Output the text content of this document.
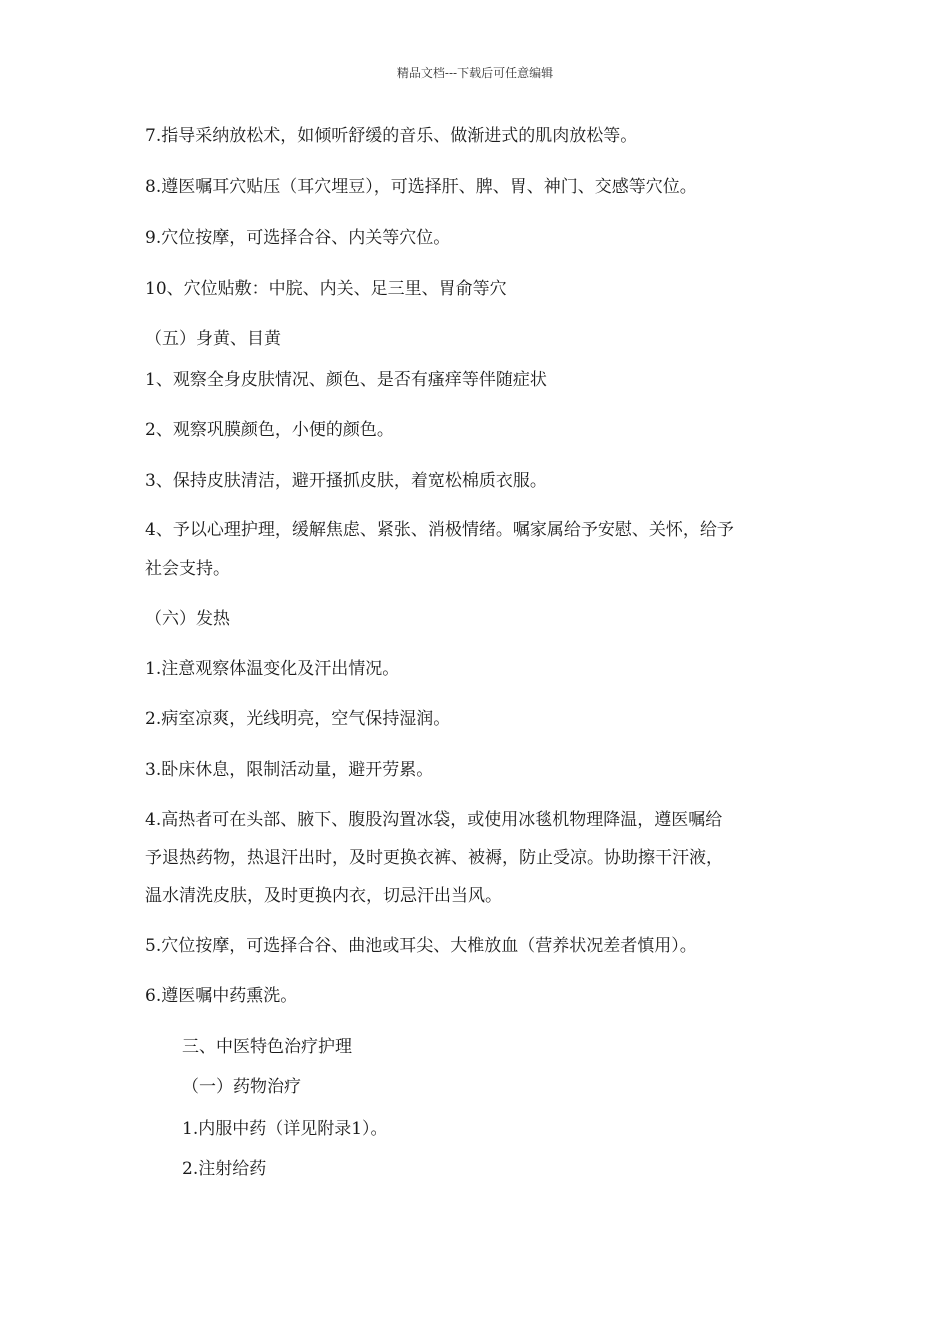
精品文档---下载后可任意编辑

7.指导采纳放松术，如倾听舒缓的音乐、做渐进式的肌肉放松等。

8.遵医嘱耳穴贴压（耳穴埋豆），可选择肝、脾、胃、神门、交感等穴位。

9.穴位按摩，可选择合谷、内关等穴位。

10、穴位贴敷：中脘、内关、足三里、胃俞等穴

（五）身黄、目黄

1、观察全身皮肤情况、颜色、是否有瘙痒等伴随症状

2、观察巩膜颜色，小便的颜色。

3、保持皮肤清洁，避开搔抓皮肤，着宽松棉质衣服。

4、予以心理护理，缓解焦虑、紧张、消极情绪。嘱家属给予安慰、关怀，给予

社会支持。

（六）发热

1.注意观察体温变化及汗出情况。

2.病室凉爽，光线明亮，空气保持湿润。

3.卧床休息，限制活动量，避开劳累。

4.高热者可在头部、腋下、腹股沟置冰袋，或使用冰毯机物理降温，遵医嘱给

予退热药物，热退汗出时，及时更换衣裤、被褥，防止受凉。协助擦干汗液，

温水清洗皮肤，及时更换内衣，切忌汗出当风。

5.穴位按摩，可选择合谷、曲池或耳尖、大椎放血（营养状况差者慎用）。

6.遵医嘱中药熏洗。

三、中医特色治疗护理

（一）药物治疗

1.内服中药（详见附录1）。

2.注射给药
